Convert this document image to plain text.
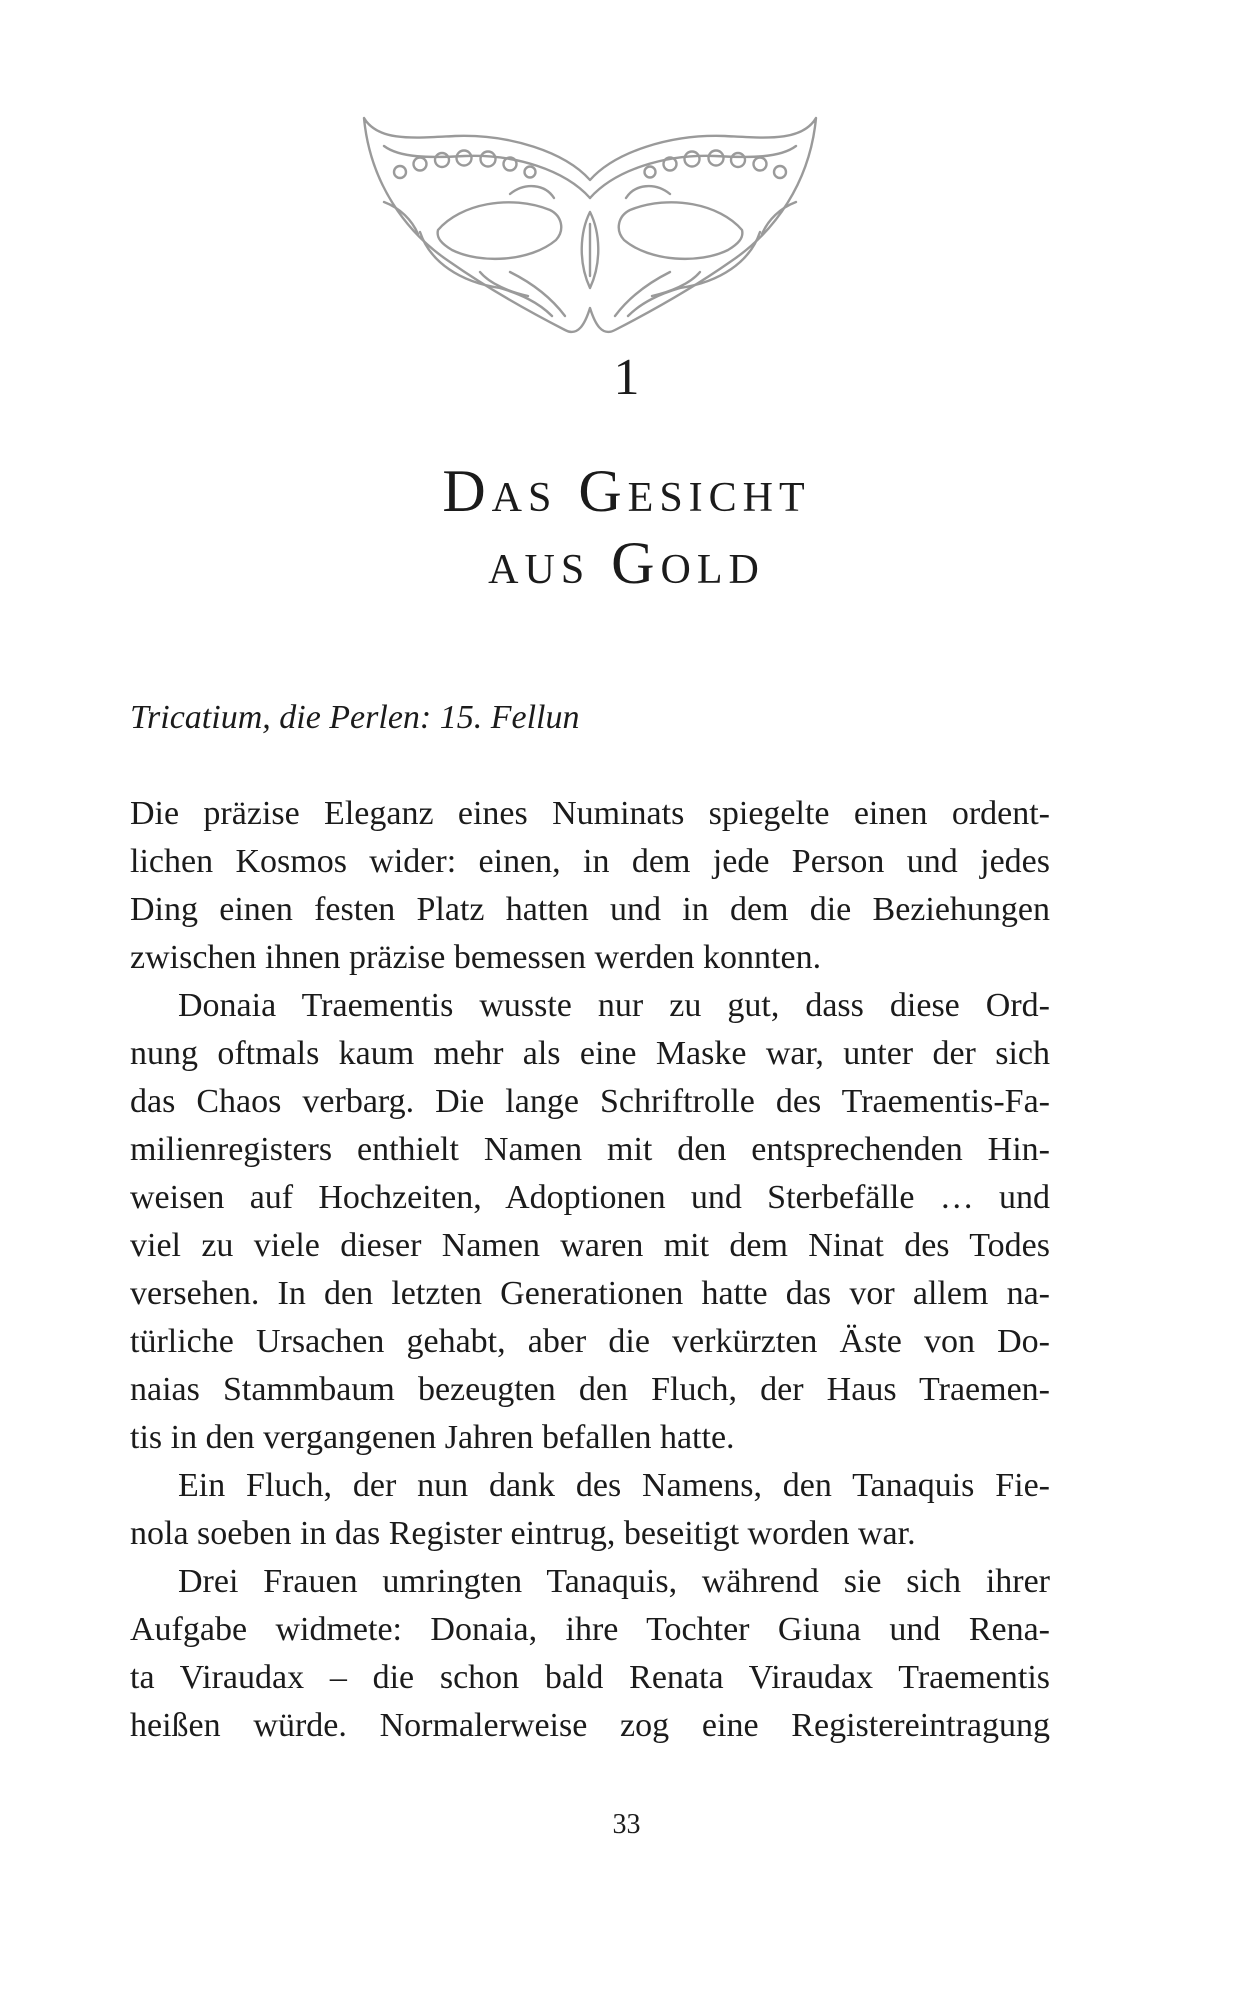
1
Das Gesicht
aus Gold
Tricatium, die Perlen: 15. Fellun
Die präzise Eleganz eines Numinats spiegelte einen ordent-
lichen Kosmos wider: einen, in dem jede Person und jedes
Ding einen festen Platz hatten und in dem die Beziehungen
zwischen ihnen präzise bemessen werden konnten.
Donaia Traementis wusste nur zu gut, dass diese Ord-
nung oftmals kaum mehr als eine Maske war, unter der sich
das Chaos verbarg. Die lange Schriftrolle des Traementis-Fa-
milienregisters enthielt Namen mit den entsprechenden Hin-
weisen auf Hochzeiten, Adoptionen und Sterbefälle … und
viel zu viele dieser Namen waren mit dem Ninat des Todes
versehen. In den letzten Generationen hatte das vor allem na-
türliche Ursachen gehabt, aber die verkürzten Äste von Do-
naias Stammbaum bezeugten den Fluch, der Haus Traemen-
tis in den vergangenen Jahren befallen hatte.
Ein Fluch, der nun dank des Namens, den Tanaquis Fie-
nola soeben in das Register eintrug, beseitigt worden war.
Drei Frauen umringten Tanaquis, während sie sich ihrer
Aufgabe widmete: Donaia, ihre Tochter Giuna und Rena-
ta Viraudax – die schon bald Renata Viraudax Traementis
heißen würde. Normalerweise zog eine Registereintragung
33
